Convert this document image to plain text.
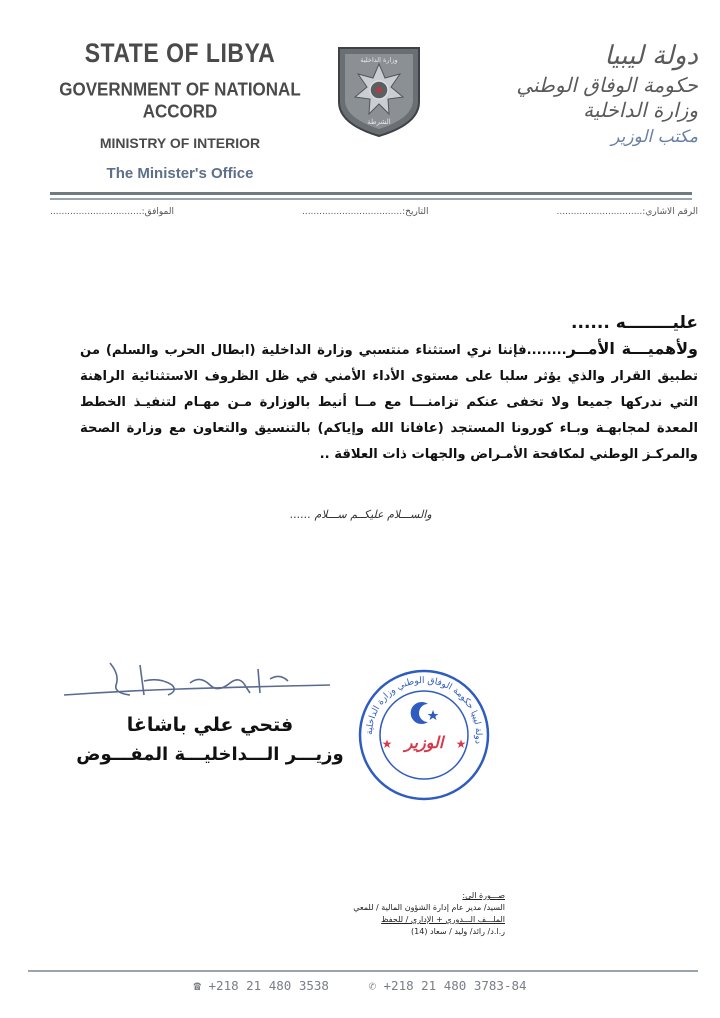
STATE OF LIBYA
GOVERNMENT OF NATIONAL ACCORD
MINISTRY OF INTERIOR
The Minister's Office
وزارة الداخلية
الشرطة
دولة ليبيا
حكومة الوفاق الوطني
وزارة الداخلية
مكتب الوزير
الرقم الاشاري:..............................
التاريخ:...................................
الموافق:................................
عليــــــــه ......
ولأهميـــة الأمــر........فإننا نري استثناء منتسبي وزارة الداخلية (ابطال الحرب والسلم) من تطبيق القرار والذي يؤثر سلبا على مستوى الأداء الأمني في ظل الظروف الاستثنائية الراهنة التي ندركها جميعا ولا تخفى عنكم تزامنـــا مع مــا أنيط بالوزارة مـن مهـام لتنفيـذ الخطط المعدة لمجابهـة وبـاء كورونا المستجد (عافانا الله وإياكم) بالتنسيق والتعاون مع وزارة الصحة والمركـز الوطني لمكافحة الأمـراض والجهات ذات العلاقة ..
والســـلام عليكــم ســـلام ......
فتحي علي باشاغا
وزيـــر الـــداخليـــة المفـــوض
دولة ليبيا حكومة الوفاق الوطني وزارة الداخلية
الوزير
★	★
صـــورة الى:
السيد/ مدير عام إدارة الشؤون المالية / للمعي
الملـــف الـــدوري + الإداري / للحفظ
ر.ا.د/ رائد/ وليد / سعاد (14)
☎ +218 21 480 3538	✆ +218 21 480 3783-84
